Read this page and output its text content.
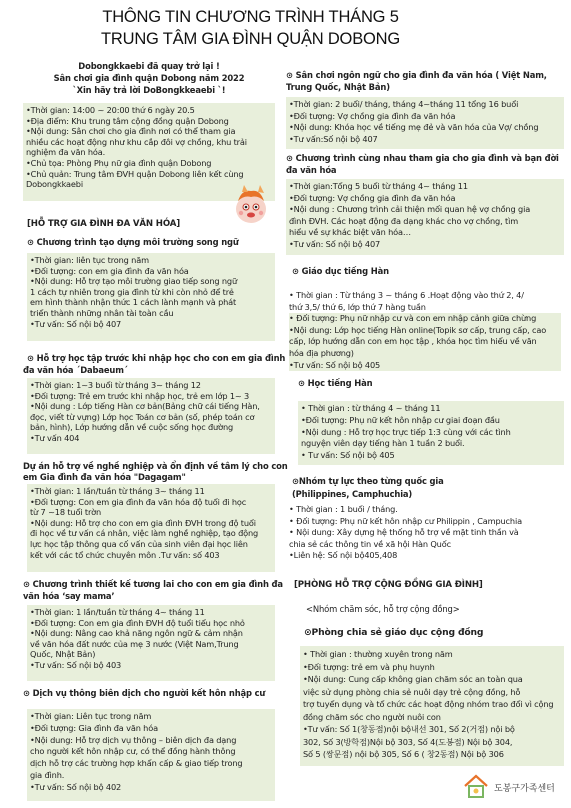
THÔNG TIN CHƯƠNG TRÌNH THÁNG 5
TRUNG TÂM GIA ĐÌNH QUẬN DOBONG
Dobongkkaebi đã quay trở lại !
Sân chơi gia đình quận Dobong năm 2022
`Xin hãy trả lời DoBongkkeaebi `!
•Thời gian: 14:00 ~ 20:00 thứ 6 ngày 20.5
•Địa điểm: Khu trung tâm cộng đồng quận Dobong
•Nội dung: Sân chơi cho gia đình nơi có thể tham gia
nhiều các hoạt động như khu cắp đôi vợ chồng, khu trải
nghiệm đa văn hóa.
•Chủ tọa: Phòng Phụ nữ gia đình quận Dobong
•Chủ quản: Trung tâm ĐVH quận Dobong liên kết cùng
Dobongkkaebi
[HỖ TRỢ GIA ĐÌNH ĐA VĂN HÓA]
⊙ Chương trình tạo dựng môi trường song ngữ
•Thời gian: liên tục trong năm
•Đối tượng: con em gia đình đa văn hóa
•Nội dung: Hỗ trợ tạo môi trường giao tiếp song ngữ
1 cách tự nhiên trong gia đình từ khi còn nhỏ để trẻ
em hình thành nhận thức 1 cách lành mạnh và phát
triển thành những nhân tài toàn cầu
•Tư vấn: Số nội bộ 407
⊙ Hỗ trợ học tập trước khi nhập học cho con em gia đình
đa văn hóa ´Dabaeum´
•Thời gian: 1~3 buổi từ tháng 3~ tháng 12
•Đối tượng: Trẻ em trước khi nhập học, trẻ em lớp 1~ 3
•Nội dung : Lớp tiếng Hàn cơ bản(Bảng chữ cái tiếng Hàn,
đọc, viết từ vựng) Lớp học Toán cơ bản (số, phép toán cơ
bản, hình), Lớp hướng dẫn về cuộc sống học đường
•Tư vấn 404
Dự án hỗ trợ về nghề nghiệp và ổn định về tâm lý cho con
em Gia đình đa văn hóa "Dagagam"
•Thời gian: 1 lần/tuần từ tháng 3~ tháng 11
•Đối tượng: Con em gia đình đa văn hóa độ tuổi đi học
từ 7 ~18 tuổi trờn
•Nội dung: Hỗ trợ cho con em gia đình ĐVH trong độ tuổi
đi học về tư vấn cá nhân, việc làm nghề nghiệp, tạo động
lực học tập thông qua cố vấn của sinh viên đại học liên
kết với các tổ chức chuyên môn .Tư vấn: số 403
⊙ Chương trình thiết kế tương lai cho con em gia đình đa
văn hóa ‘say mama’
•Thời gian: 1 lần/tuần từ tháng 4~ tháng 11
•Đối tượng: Con em gia đình ĐVH độ tuổi tiểu học nhỏ
•Nội dung: Nâng cao khả năng ngôn ngữ & cảm nhận
về văn hóa đất nước của mẹ 3 nước (Việt Nam,Trung
Quốc, Nhật Bản)
•Tư vấn: Số nội bộ 403
⊙ Dịch vụ thông biên dịch cho người kết hôn nhập cư
•Thời gian: Liên tục trong năm
•Đối tượng: Gia đình đa văn hóa
•Nội dung: Hỗ trợ dịch vụ thông – biên dịch đa dạng
cho người kết hôn nhập cư, có thể đồng hành thông
dịch hỗ trợ các trường hợp khẩn cấp & giao tiếp trong
gia đình.
•Tư vấn: Số nội bộ 402
⊙ Sân chơi ngôn ngữ cho gia đình đa văn hóa ( Việt Nam,
Trung Quốc, Nhật Bản)
•Thời gian: 2 buổi/ tháng, tháng 4~tháng 11 tổng 16 buổi
•Đối tượng: Vợ chồng gia đình đa văn hóa
•Nội dung: Khóa học về tiếng mẹ đẻ và văn hóa của Vợ/ chồng
•Tư vấn:Số nội bộ 407
⊙ Chương trình cùng nhau tham gia cho gia đình và bạn đời
đa văn hóa
•Thời gian:Tổng 5 buổi từ tháng 4~ tháng 11
•Đối tượng: Vợ chồng gia đình đa văn hóa
•Nội dung : Chương trình cải thiện mối quan hệ vợ chồng gia
đình ĐVH. Các hoạt động đa dạng khác cho vợ chồng, tìm
hiểu về sự khác biệt văn hóa…
•Tư vấn: Số nội bộ 407
⊙ Giáo dục tiếng Hàn
• Thời gian : Từ tháng 3 ~ tháng 6 .Hoạt động vào thứ 2, 4/
thứ 3,5/ thứ 6, lớp thứ 7 hàng tuần
• Đối tượng: Phụ nữ nhập cư và con em nhập cảnh giữa chừng
•Nội dung: Lớp học tiếng Hàn online(Topik sơ cấp, trung cấp, cao
cấp, lớp hướng dẫn con em học tập , khóa học tìm hiểu về văn
hóa địa phương)
•Tư vấn: Số nội bộ 405
⊙ Học tiếng Hàn
• Thời gian : từ tháng 4 ~ tháng 11
•Đối tượng: Phụ nữ kết hôn nhập cư giai đoạn đầu
•Nội dung : Hỗ trợ học trực tiếp 1:3 cùng với các tình
nguyện viên dạy tiếng hàn 1 tuần 2 buổi.
• Tư vấn: Số nội bộ 405
⊙Nhóm tự lực theo từng quốc gia
(Philippines, Camphuchia)
• Thời gian : 1 buổi / tháng.
• Đối tượng: Phụ nữ kết hôn nhập cư Philippin , Campuchia
• Nội dung: Xây dựng hệ thống hỗ trợ về mặt tinh thần và
chia sẻ các thông tin về xã hội Hàn Quốc
•Liên hệ: Số nội bộ405,408
[PHÒNG HỖ TRỢ CỘNG ĐỒNG GIA ĐÌNH]
<Nhóm chăm sóc, hỗ trợ cộng đồng>
⊙Phòng chia sẻ giáo dục cộng đồng
• Thời gian : thường xuyên trong năm
•Đối tượng: trẻ em và phụ huynh
•Nội dung: Cung cấp không gian chăm sóc an toàn qua
việc sử dụng phòng chia sẻ nuôi dạy trẻ cộng đồng, hỗ
trợ tuyển dụng và tổ chức các hoạt động nhóm trao đổi vì cộng
đồng chăm sóc cho người nuôi con
•Tư vấn: Số 1(창동점)nội bộ내선 301, Số 2(거점) nội bộ
302, Số 3(방학점)Nội bộ 303, Số 4(도봉점) Nội bộ 304,
Số 5 (쌍문점) nội bộ 305, Số 6 ( 창2동점) Nội bộ 306
도봉구가족센터
